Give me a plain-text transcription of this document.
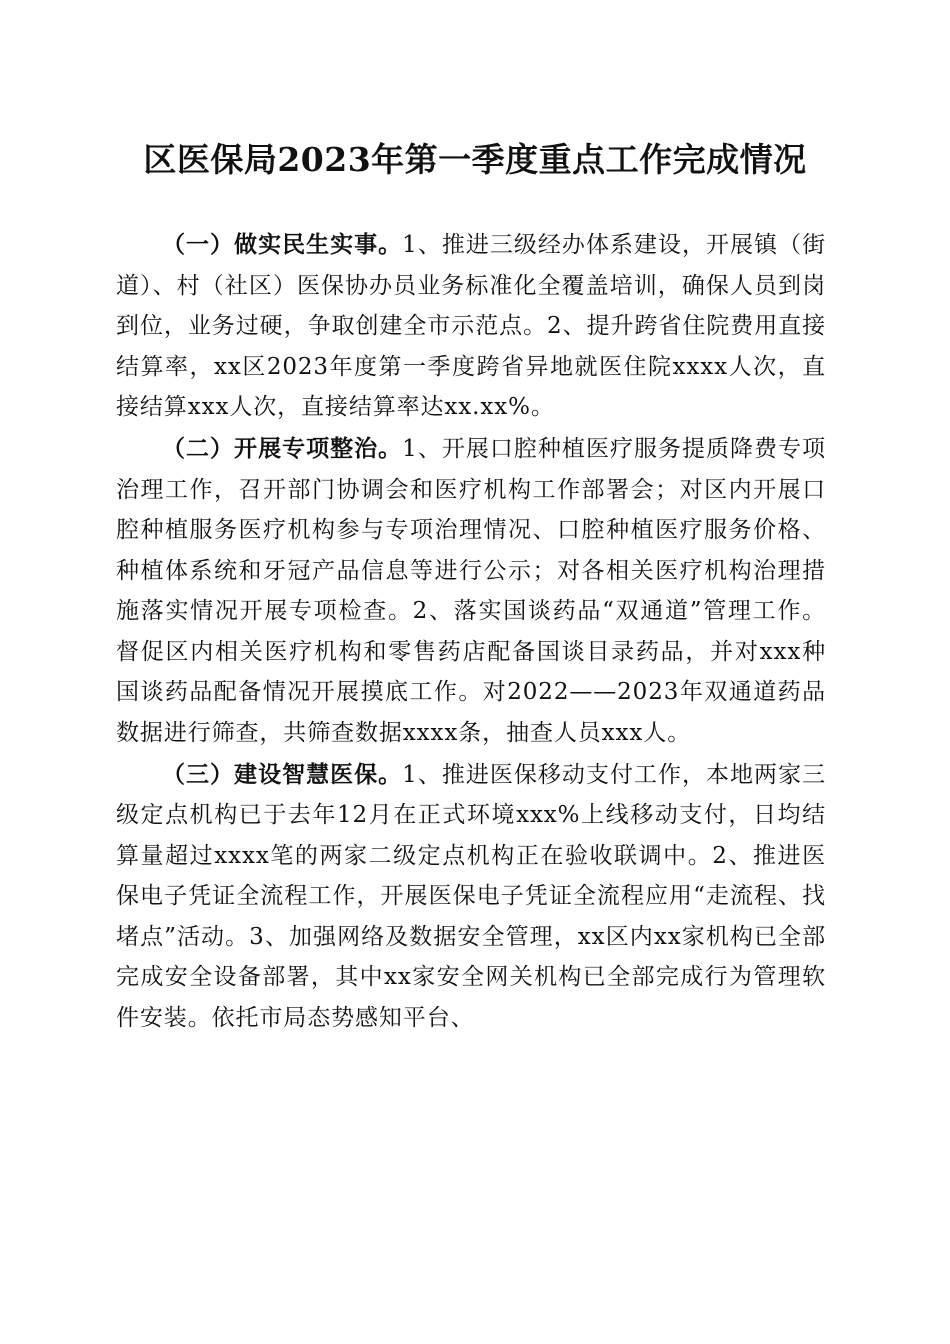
区医保局2023年第一季度重点工作完成情况

（一）做实民生实事。1、推进三级经办体系建设，开展镇（街道）、村（社区）医保协办员业务标准化全覆盖培训，确保人员到岗到位，业务过硬，争取创建全市示范点。2、提升跨省住院费用直接结算率，xx区2023年度第一季度跨省异地就医住院xxxx人次，直接结算xxx人次，直接结算率达xx.xx%。

（二）开展专项整治。1、开展口腔种植医疗服务提质降费专项治理工作，召开部门协调会和医疗机构工作部署会；对区内开展口腔种植服务医疗机构参与专项治理情况、口腔种植医疗服务价格、种植体系统和牙冠产品信息等进行公示；对各相关医疗机构治理措施落实情况开展专项检查。2、落实国谈药品“双通道”管理工作。督促区内相关医疗机构和零售药店配备国谈目录药品，并对xxx种国谈药品配备情况开展摸底工作。对2022——2023年双通道药品数据进行筛查，共筛查数据xxxx条，抽查人员xxx人。

（三）建设智慧医保。1、推进医保移动支付工作，本地两家三级定点机构已于去年12月在正式环境xxx%上线移动支付，日均结算量超过xxxx笔的两家二级定点机构正在验收联调中。2、推进医保电子凭证全流程工作，开展医保电子凭证全流程应用“走流程、找堵点”活动。3、加强网络及数据安全管理，xx区内xx家机构已全部完成安全设备部署，其中xx家安全网关机构已全部完成行为管理软件安装。依托市局态势感知平台、
